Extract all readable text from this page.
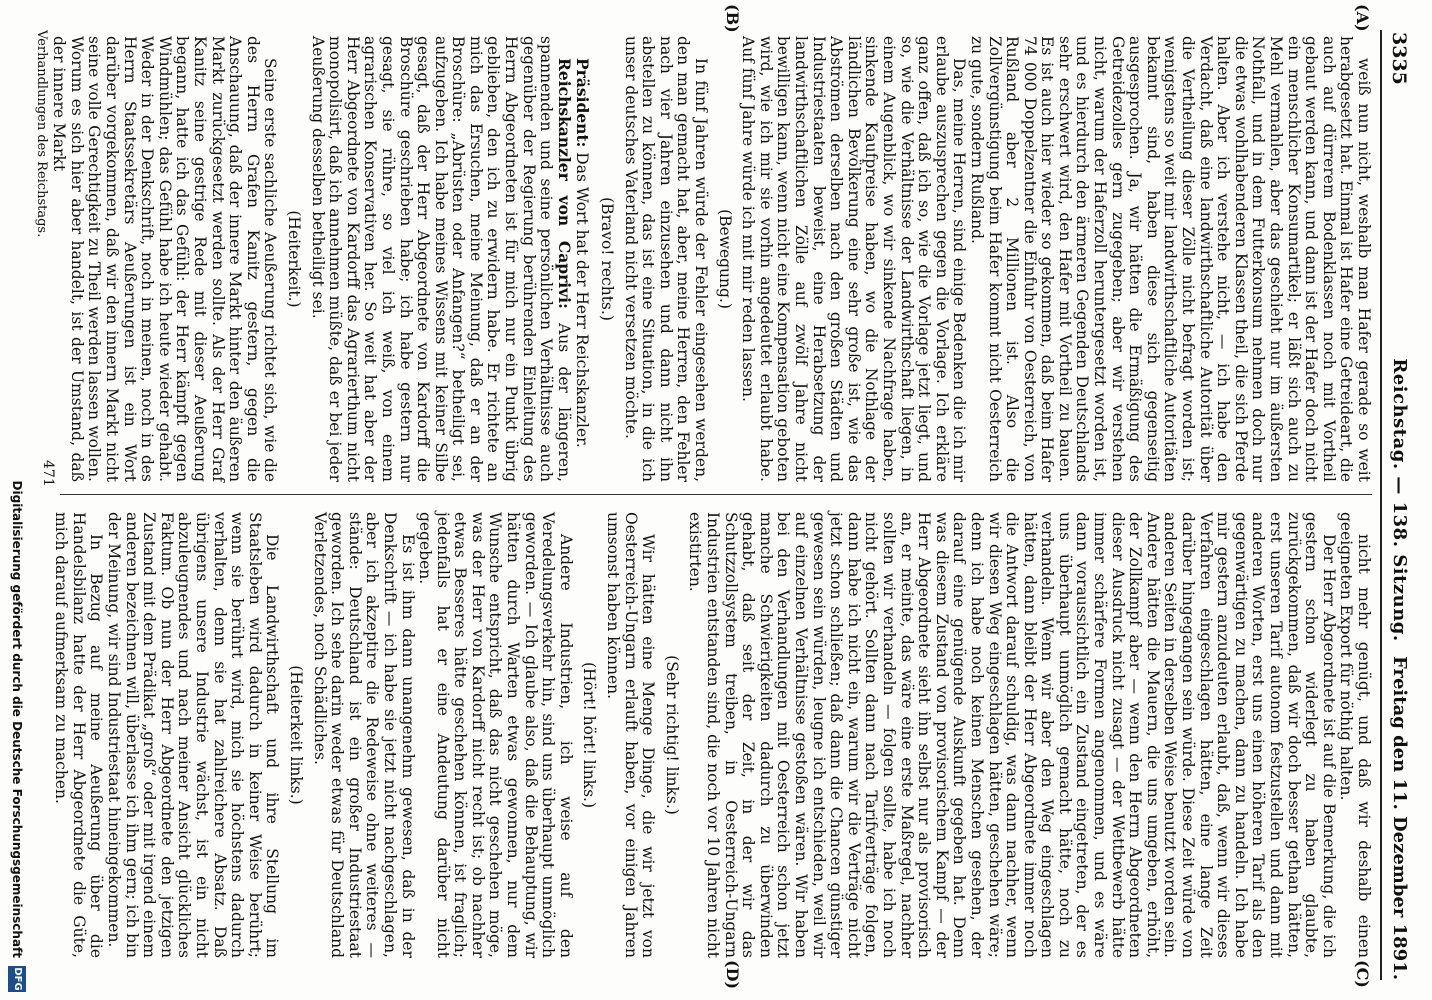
3335
Reichstag. — 138. Sitzung.
Freitag den 11. Dezember 1891.
(C)
(D)
(A)
(B)

nicht mehr genügt, und daß wir deshalb einen geeigneten Export für nöthig halten.

Der Herr Abgeordnete ist auf die Bemerkung, die ich gestern schon widerlegt zu haben glaubte, zurückgekommen, daß wir doch besser gethan hätten, erst unseren Tarif autonom festzustellen und dann mit anderen Worten, erst uns einen höheren Tarif als den gegenwärtigen zu machen, dann zu handeln. Ich habe mir gestern anzudeuten erlaubt, daß, wenn wir dieses Verfahren eingeschlagen hätten, eine lange Zeit darüber hingegangen sein würde. Diese Zeit würde von anderen Seiten in derselben Weise benutzt worden sein. Andere hätten die Mauern, die uns umgeben, erhöht, der Zollkampf aber — wenn den Herrn Abgeordneten dieser Ausdruck nicht zusagt — der Wettbewerb hätte immer schärfere Formen angenommen, und es wäre dann voraussichtlich ein Zustand eingetreten, der es uns überhaupt unmöglich gemacht hätte, noch zu verhandeln. Wenn wir aber den Weg eingeschlagen hätten, dann bleibt der Herr Abgeordnete immer noch die Antwort darauf schuldig, was dann nachher, wenn wir diesen Weg eingeschlagen hätten, geschehen wäre; denn ich habe noch keinen Menschen gesehen, der darauf eine genügende Auskunft gegeben hat. Denn was diesem Zustand von provisorischem Kampf — der Herr Abgeordnete sieht ihn selbst nur als provisorisch an, er meinte, das wäre eine erste Maßregel, nachher sollten wir verhandeln — folgen sollte, habe ich noch nicht gehört. Sollten dann nach Tarifverträge folgen, dann habe ich nicht ein, warum wir die Verträge nicht jetzt schon schließen; daß dann die Chancen günstiger gewesen sein würden, leugne ich entschieden, weil wir auf einzelnen Verhältnisse gestoßen wären. Wir haben bei den Verhandlungen mit Oesterreich schon jetzt manche Schwierigkeiten dadurch zu überwinden gehabt, daß seit der Zeit, in der wir das Schutzzollsystem treiben, in Oesterreich-Ungarn Industrien entstanden sind, die noch vor 10 Jahren nicht existirten.

(Sehr richtig! links.)

Wir hätten eine Menge Dinge, die wir jetzt von Oesterreich-Ungarn erlauft haben, vor einigen Jahren umsonst haben können.

(Hört! hört! links.)

Andere Industrien, ich weise auf den Veredelungsverkehr hin, sind uns überhaupt unmöglich geworden. — Ich glaube also, daß die Behauptung, wir hätten durch Warten etwas gewonnen, nur dem Wunsche entspricht, daß das nicht geschehen möge, was der Herr von Kardorff nicht recht ist; ob nachher etwas Besseres hätte geschehen können, ist fraglich; jedenfalls hat er eine Andeutung darüber nicht gegeben.

Es ist ihm dann unangenehm gewesen, daß in der Denkschrift — ich habe sie jetzt nicht nachgeschlagen, aber ich akzeptire die Redeweise ohne weiteres — stände: Deutschland ist ein großer Industriestaat geworden. Ich sehe darin weder etwas für Deutschland Verletzendes, noch Schädliches.

(Heiterkeit links.)

Die Landwirthschaft und ihre Stellung im Staatsleben wird dadurch in keiner Weise berührt; wenn sie berührt wird, mich sie höchstens dadurch verhalten, denn sie hat zahlreichere Absatz. Daß übrigens unsere Industrie wächst, ist ein nicht abzuleugnendes und nach meiner Ansicht glückliches Faktum. Ob nun der Herr Abgeordnete den jetzigen Zustand mit dem Prädikat „groß“ oder mit irgend einem anderen bezeichnen will, überlasse ich ihm gern; ich bin der Meinung, wir sind Industriestaat hineingekommen.

In Bezug auf meine Aeußerung über die Handelsbilanz hatte der Herr Abgeordnete die Güte, mich darauf aufmerksam zu machen.

weiß nun nicht, weshalb man Hafer gerade so weit herabgesetzt hat. Einmal ist Hafer eine Getreideart, die auch auf dürrerem Bodenklassen noch mit Vortheil gebaut werden kann, und dann ist der Hafer doch nicht ein menschlicher Konsumartikel; er läßt sich auch zu Mehl vermahlen, aber das geschieht nur im äußersten Nothfall, und in dem Futterkonsum nehmen doch nur die etwas wohlhabenderen Klassen theil, die sich Pferde halten. Aber ich verstehe nicht, — ich habe den Verdacht, daß eine landwirthschaftliche Autorität über die Vertheilung dieser Zölle nicht befragt worden ist; wenigstens so weit mir landwirthschaftliche Autoritäten bekannt sind, haben diese sich gegenseitig ausgesprochen. Ja, wir hätten die Ermäßigung des Getreidezolles gern zugegeben; aber wir verstehen nicht, warum der Haferzoll heruntergesetzt worden ist, und es hierdurch den ärmeren Gegenden Deutschlands sehr erschwert wird, den Hafer mit Vortheil zu bauen. Es ist auch hier wieder so gekommen, daß beim Hafer 74 000 Doppelzentner die Einfuhr von Oesterreich, von Rußland aber 2 Millionen ist. Also die Zollvergünstigung beim Hafer kommt nicht Oesterreich zu gute, sondern Rußland.

Das, meine Herren, sind einige Bedenken die ich mir erlaube auszusprechen gegen die Vorlage. Ich erkläre ganz offen, daß ich so, wie die Vorlage jetzt liegt, und so, wie die Verhältnisse der Landwirthschaft liegen, in einem Augenblick, wo wir sinkende Nachfrage haben, sinkende Kaufpreise haben, wo die Nothlage der ländlichen Bevölkerung eine sehr große ist, wie das Abströmen derselben nach den großen Städten und Industriestaaten beweist, eine Herabsetzung der landwirthschaftlichen Zölle auf zwölf Jahre nicht bewilligen kann, wenn nicht eine Kompensation geboten wird, wie ich mir sie vorhin angedeutet erlaubt habe. Auf fünf Jahre würde ich mit mir reden lassen.

(Bewegung.)

In fünf Jahren würde der Fehler eingesehen werden, den man gemacht hat, aber, meine Herren, den Fehler nach vier Jahren einzusehen und dann nicht ihn abstellen zu können, das ist eine Situation, in die ich unser deutsches Vaterland nicht versetzen möchte.

(Bravo! rechts.)

Präsident: Das Wort hat der Herr Reichskanzler.

Reichskanzler von Caprivi: Aus der längeren, spannenden und seine persönlichen Verhältnisse auch gegenüber der Regierung berührenden Einleitung des Herrn Abgeordneten ist für mich nur ein Punkt übrig geblieben, den ich zu erwidern habe. Er richtete an mich das Ersuchen, meine Meinung, daß er an der Broschüre: „Abrüsten oder Anfangen?“ betheiligt sei, aufzugeben. Ich habe meines Wissens mit keiner Silbe gesagt, daß der Herr Abgeordnete von Kardorff die Broschüre geschrieben habe; ich habe gestern nur gesagt, sie rühre, so viel ich weiß, von einem agrarischen Konservativen her. So weit hat aber der Herr Abgeordnete von Kardorff das Agrarierthum nicht monopolisirt, daß ich annehmen müßte, daß er bei jeder Aeußerung desselben betheiligt sei.

(Heiterkeit.)

Seine erste sachliche Aeußerung richtet sich, wie die des Herrn Grafen Kanitz gestern, gegen die Anschauung, daß der innere Markt hinter den äußeren Markt zurückgesetzt werden sollte. Als der Herr Graf Kanitz seine gestrige Rede mit dieser Aeußerung begann, hatte ich das Gefühl: der Herr kämpft gegen Windmühlen; das Gefühl habe ich heute wieder gehabt. Weder in der Denkschrift, noch in meinen, noch in des Herrn Staatssekretärs Aeußerungen ist ein Wort darüber vorgekommen, daß wir den innern Markt nicht seine volle Gerechtigkeit zu Theil werden lassen wollen. Worum es sich hier aber handelt, ist der Umstand, daß der innere Markt

471
Verhandlungen des Reichstags.
Digitalisierung gefördert durch die Deutsche Forschungsgemeinschaft
DFG
